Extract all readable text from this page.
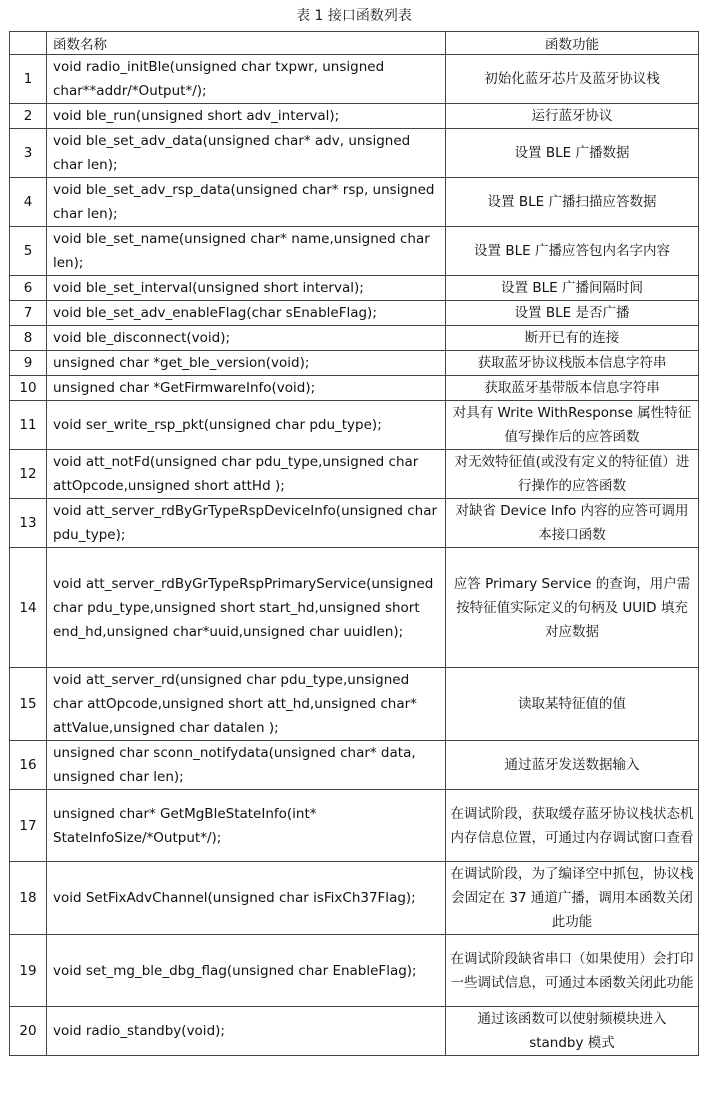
表 1 接口函数列表
	函数名称	函数功能
1	void radio_initBle(unsigned char txpwr, unsigned char**addr/*Output*/);	初始化蓝牙芯片及蓝牙协议栈
2	void ble_run(unsigned short adv_interval);	运行蓝牙协议
3	void ble_set_adv_data(unsigned char* adv, unsigned char len);	设置 BLE 广播数据
4	void ble_set_adv_rsp_data(unsigned char* rsp, unsigned char len);	设置 BLE 广播扫描应答数据
5	void ble_set_name(unsigned char* name,unsigned char len);	设置 BLE 广播应答包内名字内容
6	void ble_set_interval(unsigned short interval);	设置 BLE 广播间隔时间
7	void ble_set_adv_enableFlag(char sEnableFlag);	设置 BLE 是否广播
8	void ble_disconnect(void);	断开已有的连接
9	unsigned char *get_ble_version(void);	获取蓝牙协议栈版本信息字符串
10	unsigned char *GetFirmwareInfo(void);	获取蓝牙基带版本信息字符串
11	void ser_write_rsp_pkt(unsigned char pdu_type);	对具有 Write WithResponse 属性特征值写操作后的应答函数
12	void att_notFd(unsigned char pdu_type,unsigned char attOpcode,unsigned short attHd );	对无效特征值(或没有定义的特征值）进行操作的应答函数
13	void att_server_rdByGrTypeRspDeviceInfo(unsigned char pdu_type);	对缺省 Device Info 内容的应答可调用本接口函数
14	void att_server_rdByGrTypeRspPrimaryService(unsigned char pdu_type,unsigned short start_hd,unsigned short end_hd,unsigned char*uuid,unsigned char uuidlen);	应答 Primary Service 的查询，用户需按特征值实际定义的句柄及 UUID 填充对应数据
15	void att_server_rd(unsigned char pdu_type,unsigned char attOpcode,unsigned short att_hd,unsigned char* attValue,unsigned char datalen );	读取某特征值的值
16	unsigned char sconn_notifydata(unsigned char* data, unsigned char len);	通过蓝牙发送数据输入
17	unsigned char* GetMgBleStateInfo(int* StateInfoSize/*Output*/);	在调试阶段，获取缓存蓝牙协议栈状态机内存信息位置，可通过内存调试窗口查看
18	void SetFixAdvChannel(unsigned char isFixCh37Flag);	在调试阶段，为了编译空中抓包，协议栈会固定在 37 通道广播，调用本函数关闭此功能
19	void set_mg_ble_dbg_flag(unsigned char EnableFlag);	在调试阶段缺省串口（如果使用）会打印一些调试信息，可通过本函数关闭此功能
20	void radio_standby(void);	通过该函数可以使射频模块进入 standby 模式
